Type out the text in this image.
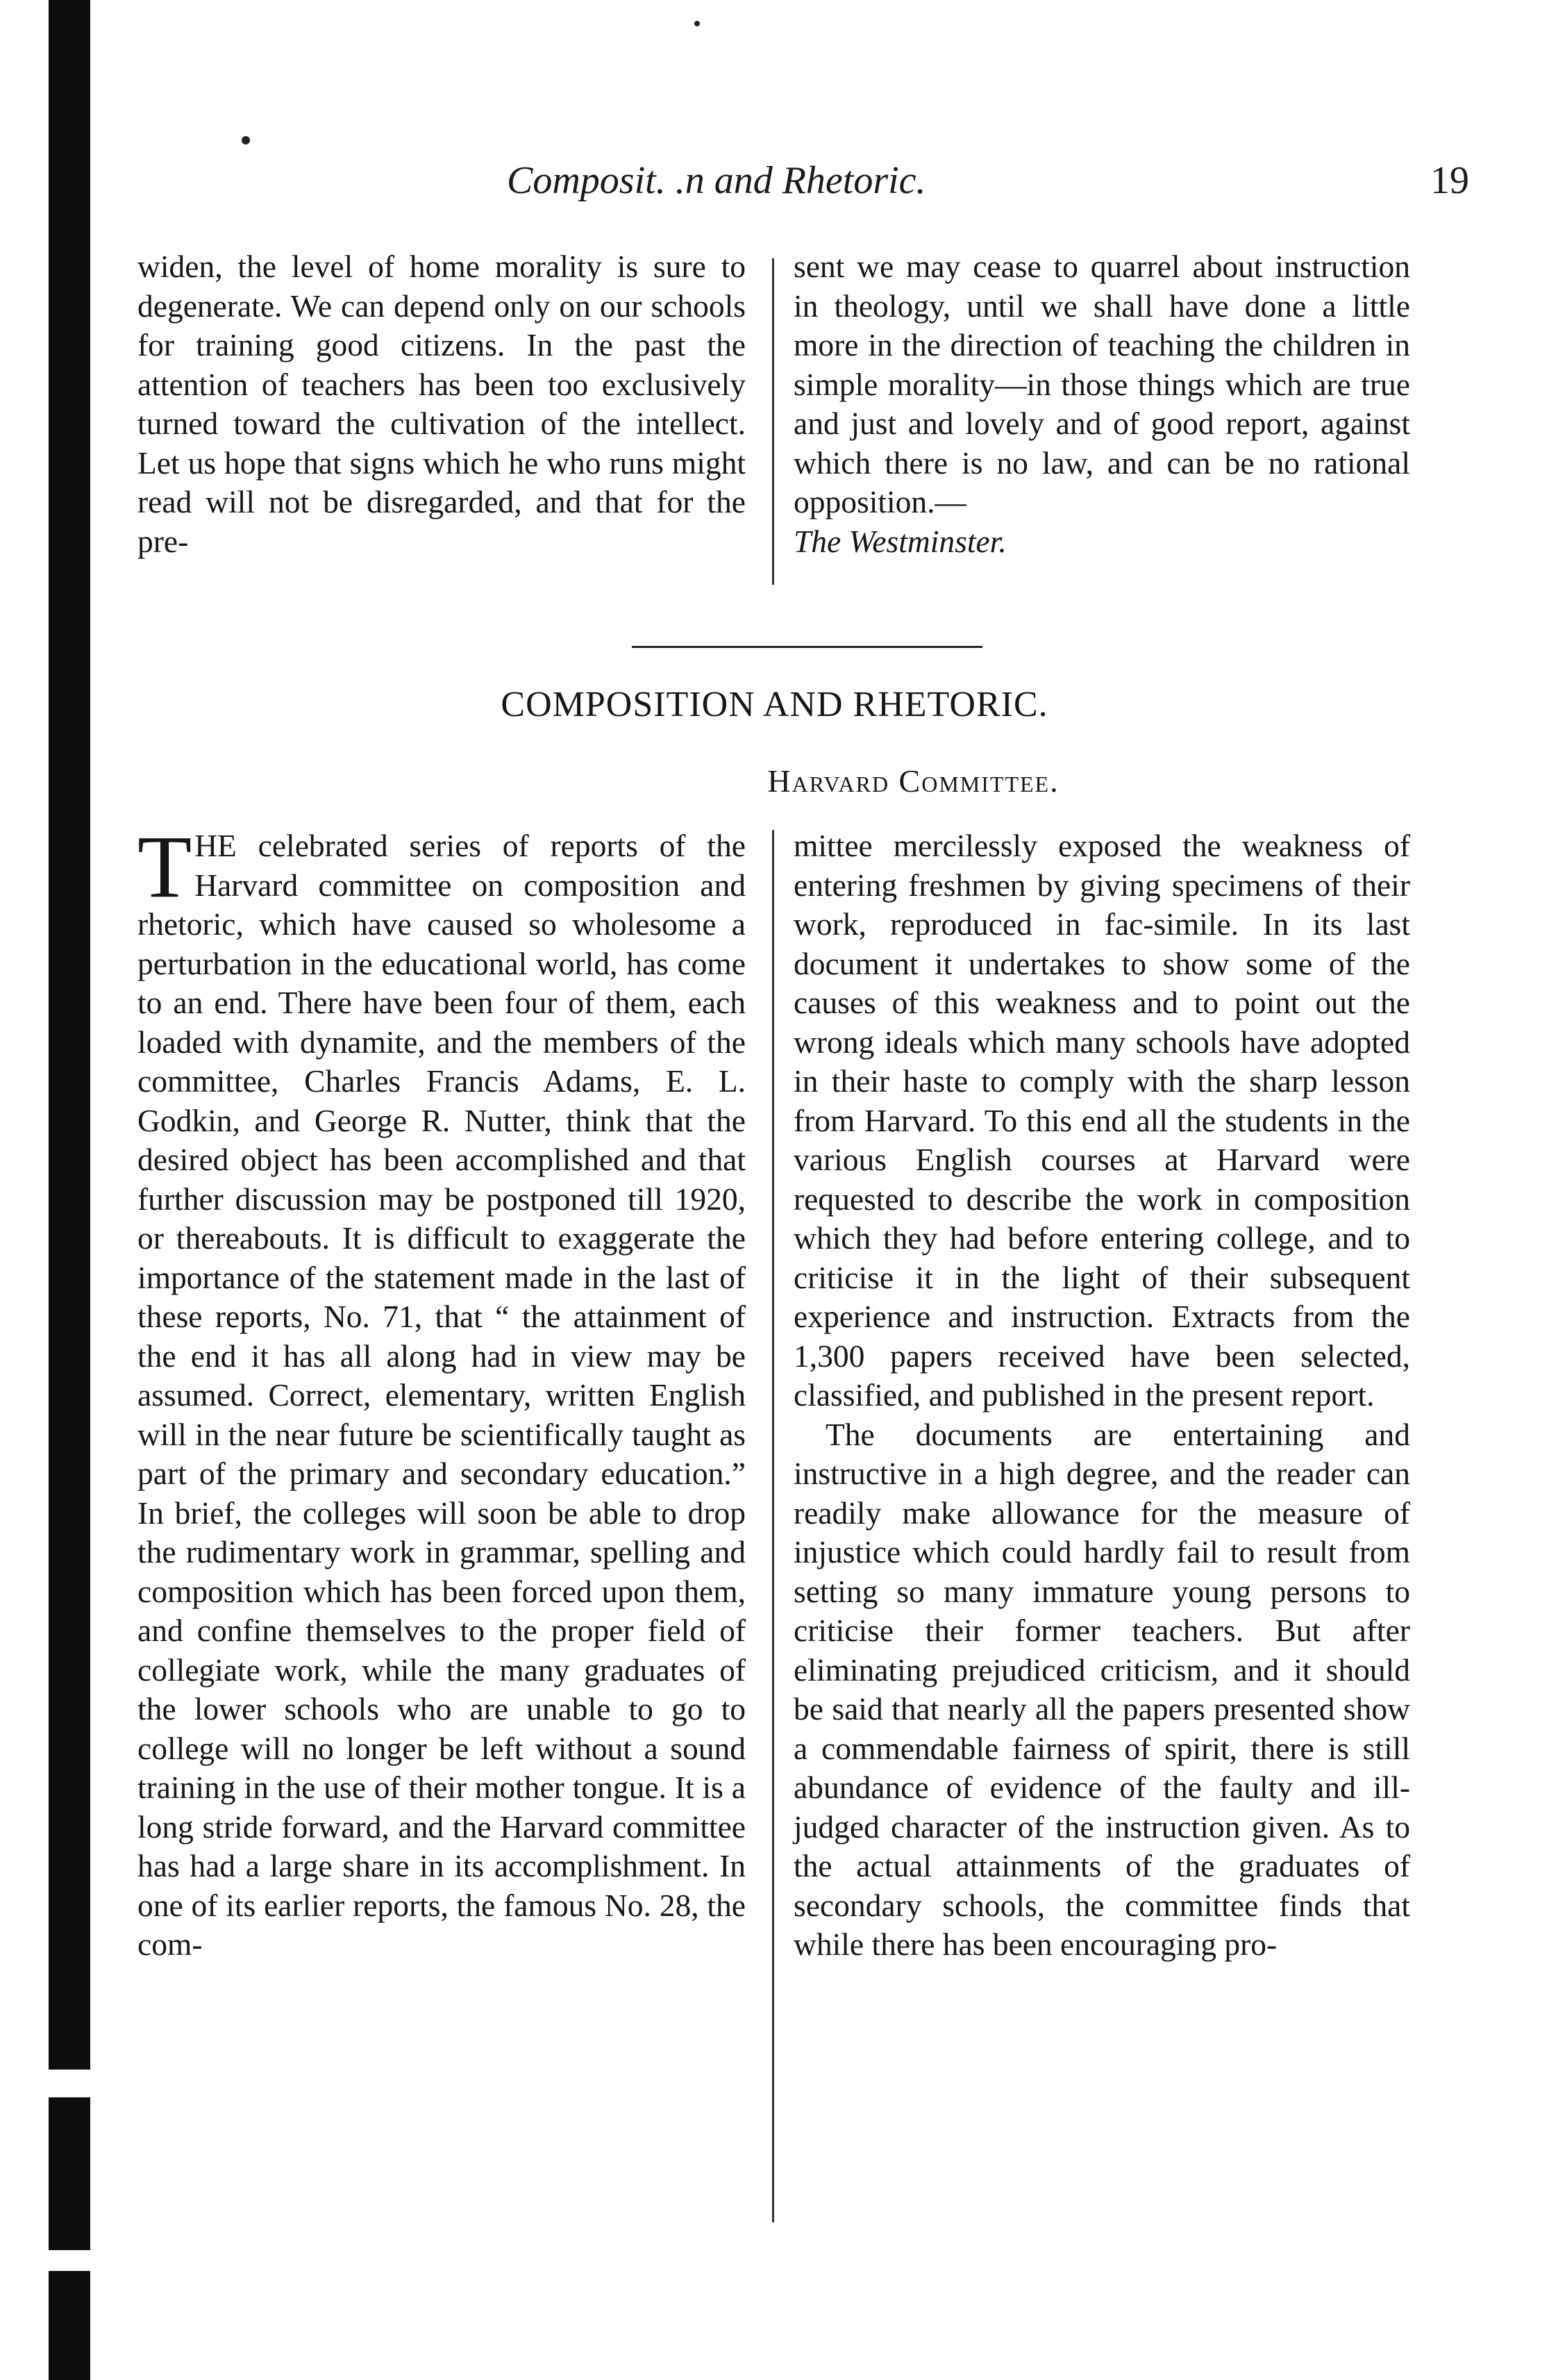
Composit. .n and Rhetoric.	19

widen, the level of home morality is sure to degenerate. We can depend only on our schools for training good citizens. In the past the attention of teachers has been too exclusively turned toward the cultivation of the intellect. Let us hope that signs which he who runs might read will not be disregarded, and that for the pre-

sent we may cease to quarrel about instruction in theology, until we shall have done a little more in the direction of teaching the children in simple morality—in those things which are true and just and lovely and of good report, against which there is no law, and can be no rational opposition.—
The Westminster.

COMPOSITION AND RHETORIC.
Harvard Committee.

THE celebrated series of reports of the Harvard committee on composition and rhetoric, which have caused so wholesome a perturbation in the educational world, has come to an end. There have been four of them, each loaded with dynamite, and the members of the committee, Charles Francis Adams, E. L. Godkin, and George R. Nutter, think that the desired object has been accomplished and that further discussion may be postponed till 1920, or thereabouts. It is difficult to exaggerate the importance of the statement made in the last of these reports, No. 71, that “ the attainment of the end it has all along had in view may be assumed. Correct, elementary, written English will in the near future be scientifically taught as part of the primary and secondary education.” In brief, the colleges will soon be able to drop the rudimentary work in grammar, spelling and composition which has been forced upon them, and confine themselves to the proper field of collegiate work, while the many graduates of the lower schools who are unable to go to college will no longer be left without a sound training in the use of their mother tongue. It is a long stride forward, and the Harvard committee has had a large share in its accomplishment. In one of its earlier reports, the famous No. 28, the com-

mittee mercilessly exposed the weakness of entering freshmen by giving specimens of their work, reproduced in fac-simile. In its last document it undertakes to show some of the causes of this weakness and to point out the wrong ideals which many schools have adopted in their haste to comply with the sharp lesson from Harvard. To this end all the students in the various English courses at Harvard were requested to describe the work in composition which they had before entering college, and to criticise it in the light of their subsequent experience and instruction. Extracts from the 1,300 papers received have been selected, classified, and published in the present report.

The documents are entertaining and instructive in a high degree, and the reader can readily make allowance for the measure of injustice which could hardly fail to result from setting so many immature young persons to criticise their former teachers. But after eliminating prejudiced criticism, and it should be said that nearly all the papers presented show a commendable fairness of spirit, there is still abundance of evidence of the faulty and ill-judged character of the instruction given. As to the actual attainments of the graduates of secondary schools, the committee finds that while there has been encouraging pro-
